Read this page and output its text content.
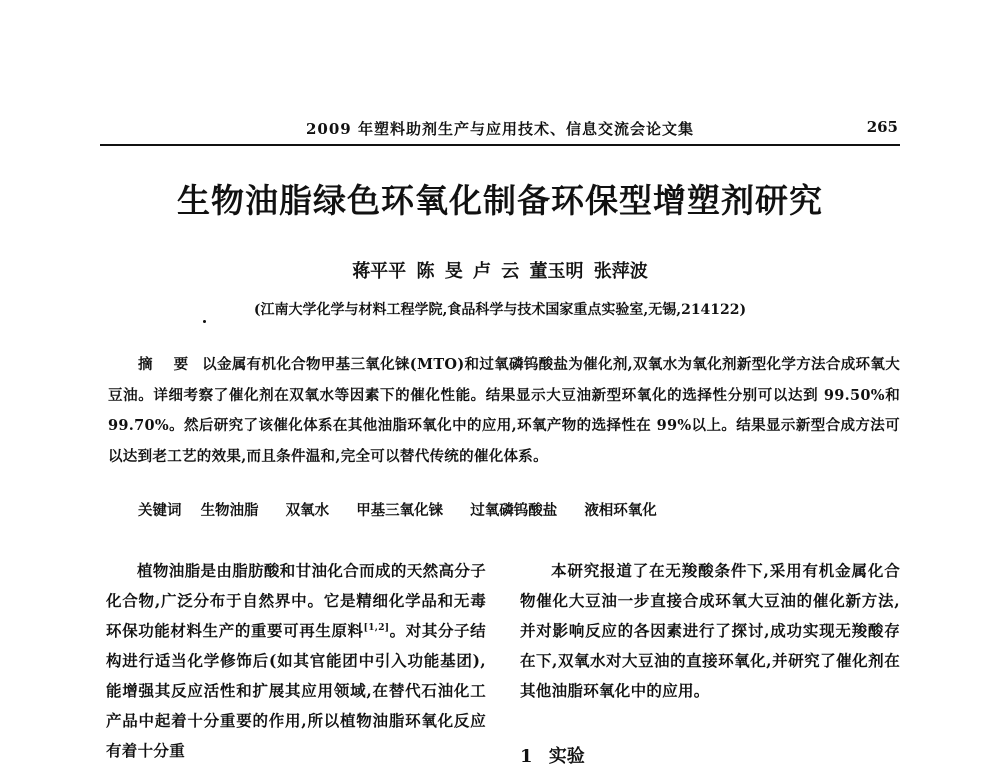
2009 年塑料助剂生产与应用技术、信息交流会论文集	265
生物油脂绿色环氧化制备环保型增塑剂研究
蒋平平 陈 旻 卢 云 董玉明 张萍波
(江南大学化学与材料工程学院,食品科学与技术国家重点实验室,无锡,214122)
摘 要 以金属有机化合物甲基三氧化铼(MTO)和过氧磷钨酸盐为催化剂,双氧水为氧化剂新型化学方法合成环氧大豆油。详细考察了催化剂在双氧水等因素下的催化性能。结果显示大豆油新型环氧化的选择性分别可以达到 99.50%和 99.70%。然后研究了该催化体系在其他油脂环氧化中的应用,环氧产物的选择性在 99%以上。结果显示新型合成方法可以达到老工艺的效果,而且条件温和,完全可以替代传统的催化体系。
关键词 生物油脂 双氧水 甲基三氧化铼 过氧磷钨酸盐 液相环氧化

植物油脂是由脂肪酸和甘油化合而成的天然高分子化合物,广泛分布于自然界中。它是精细化学品和无毒环保功能材料生产的重要可再生原料[1,2]。对其分子结构进行适当化学修饰后(如其官能团中引入功能基团),能增强其反应活性和扩展其应用领域,在替代石油化工产品中起着十分重要的作用,所以植物油脂环氧化反应有着十分重

本研究报道了在无羧酸条件下,采用有机金属化合物催化大豆油一步直接合成环氧大豆油的催化新方法,并对影响反应的各因素进行了探讨,成功实现无羧酸存在下,双氧水对大豆油的直接环氧化,并研究了催化剂在其他油脂环氧化中的应用。

1 实验
